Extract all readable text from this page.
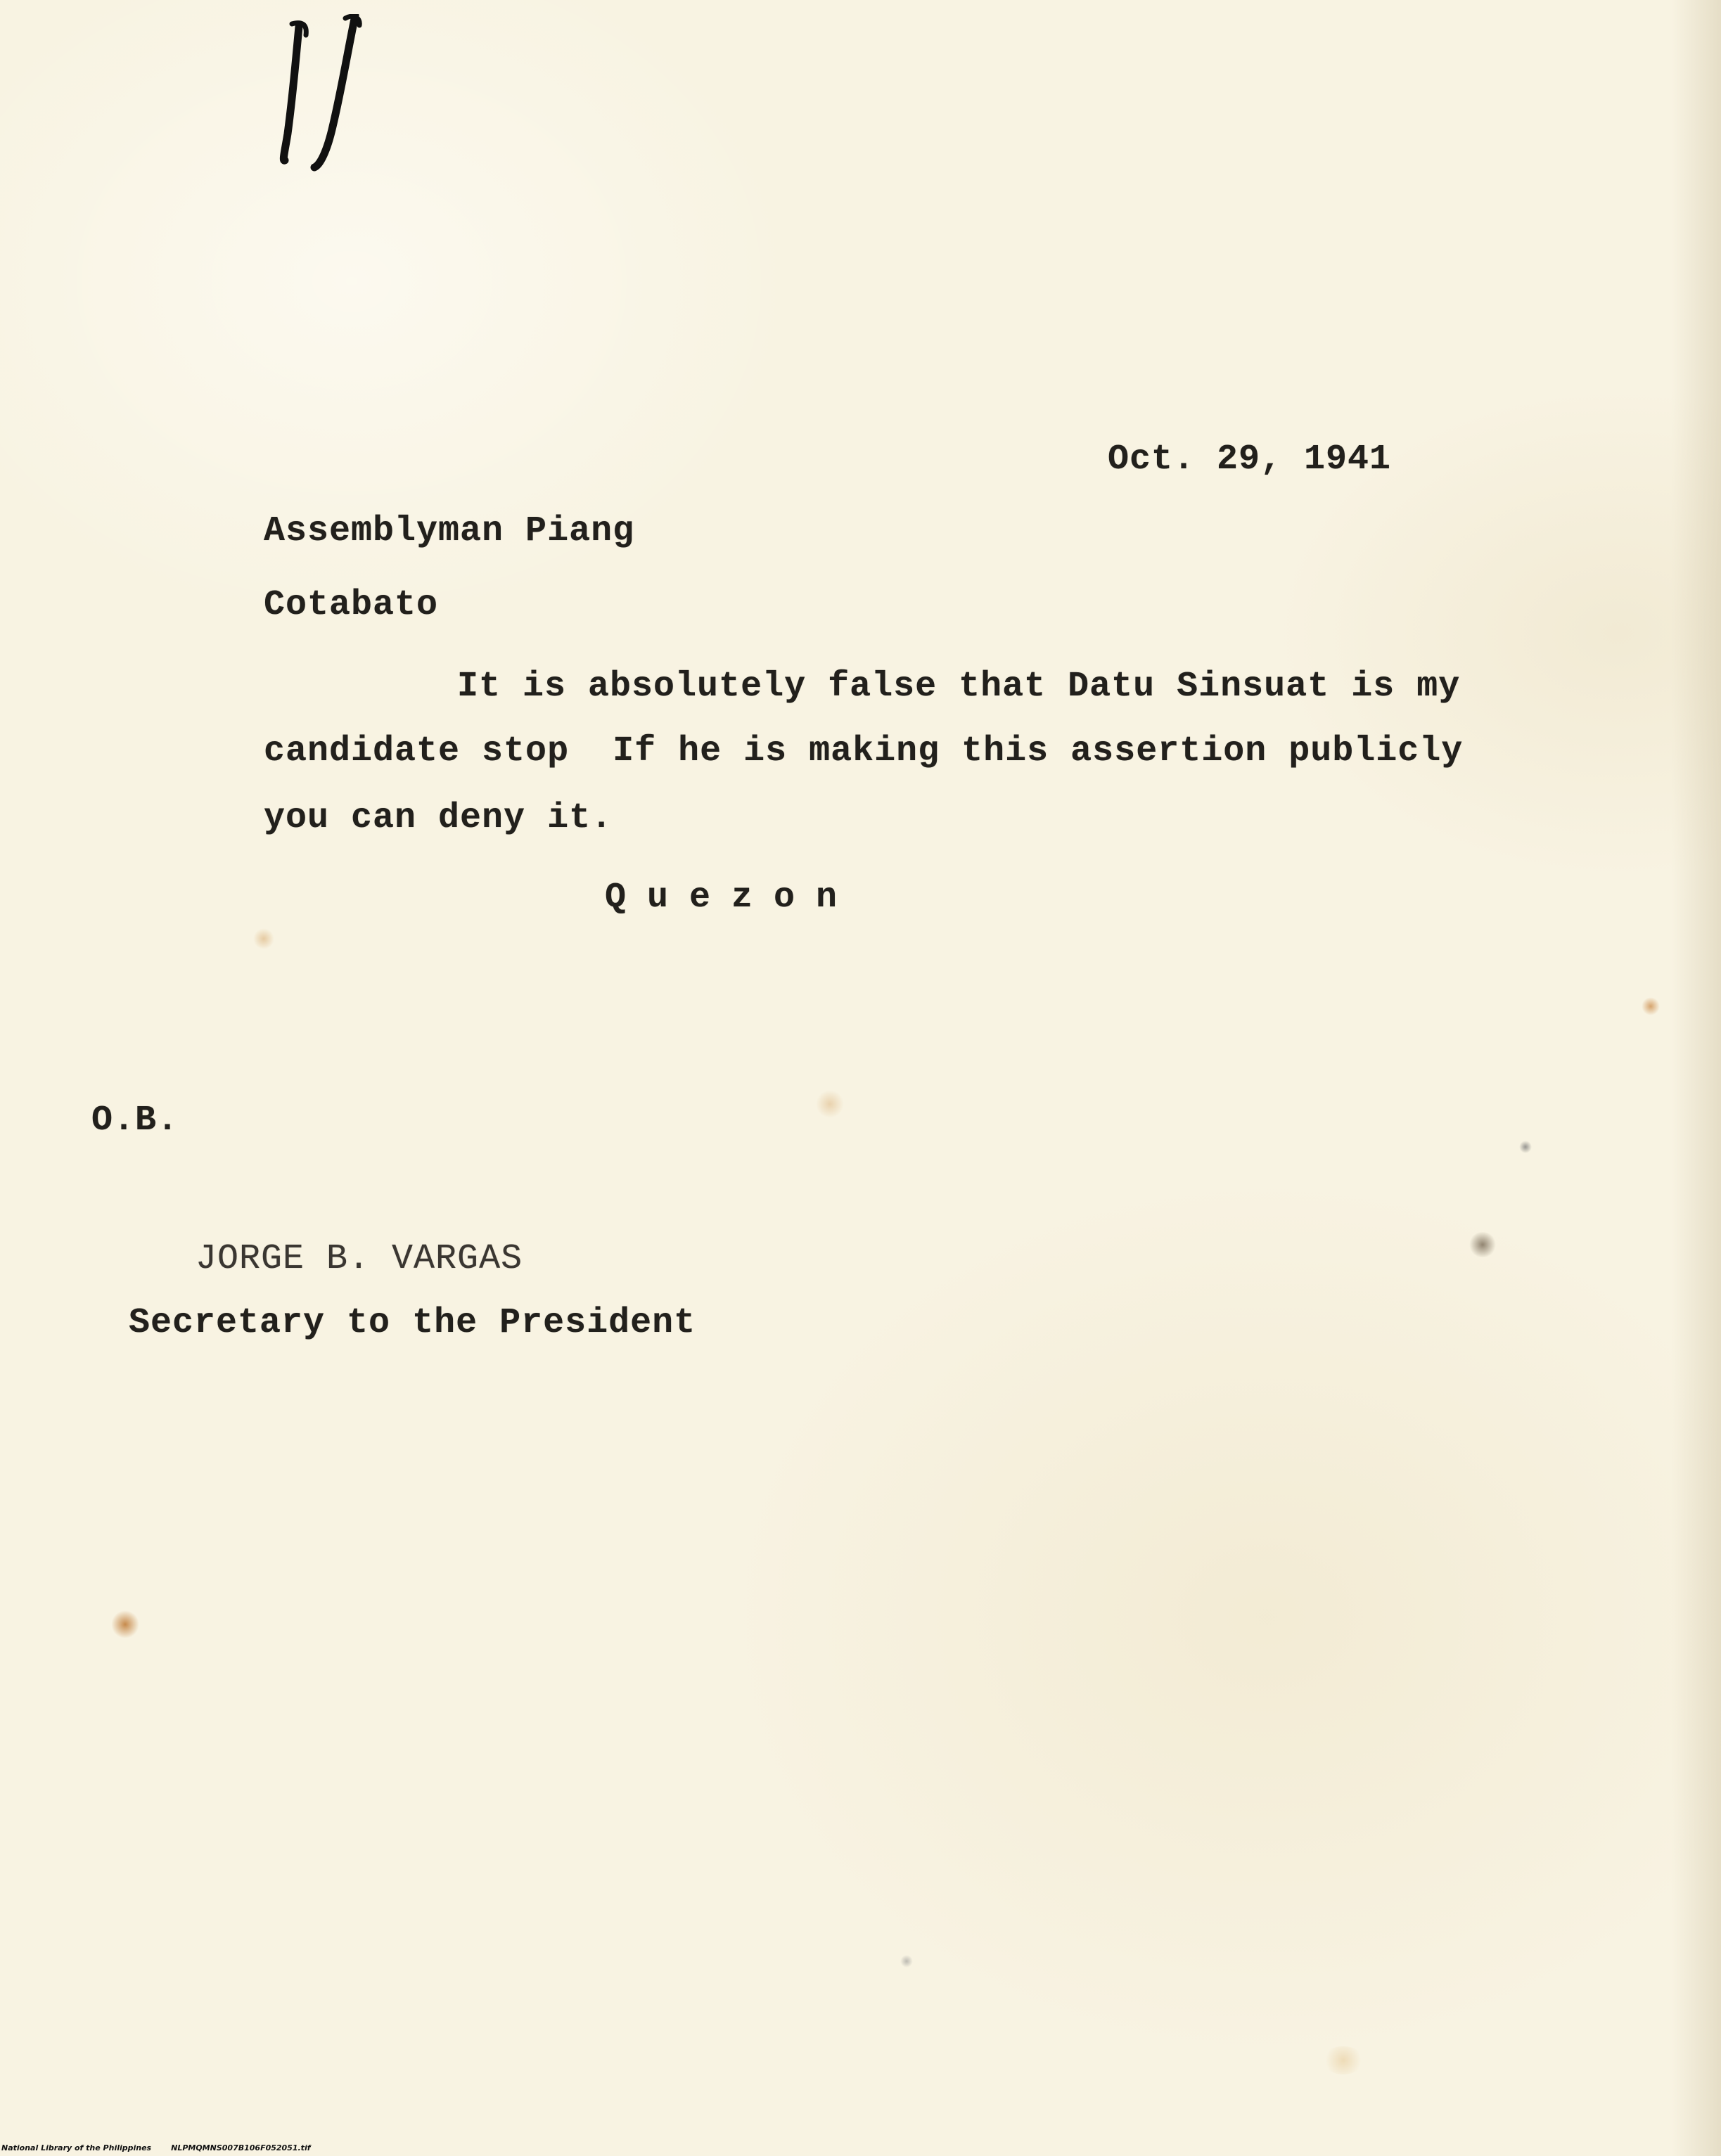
Oct. 29, 1941
Assemblyman Piang
Cotabato
It is absolutely false that Datu Sinsuat is my
candidate stop  If he is making this assertion publicly
you can deny it.
Quezon
O.B.
JORGE B. VARGAS
Secretary to the President
National Library of the Philippines	NLPMQMNS007B106F052051.tif
